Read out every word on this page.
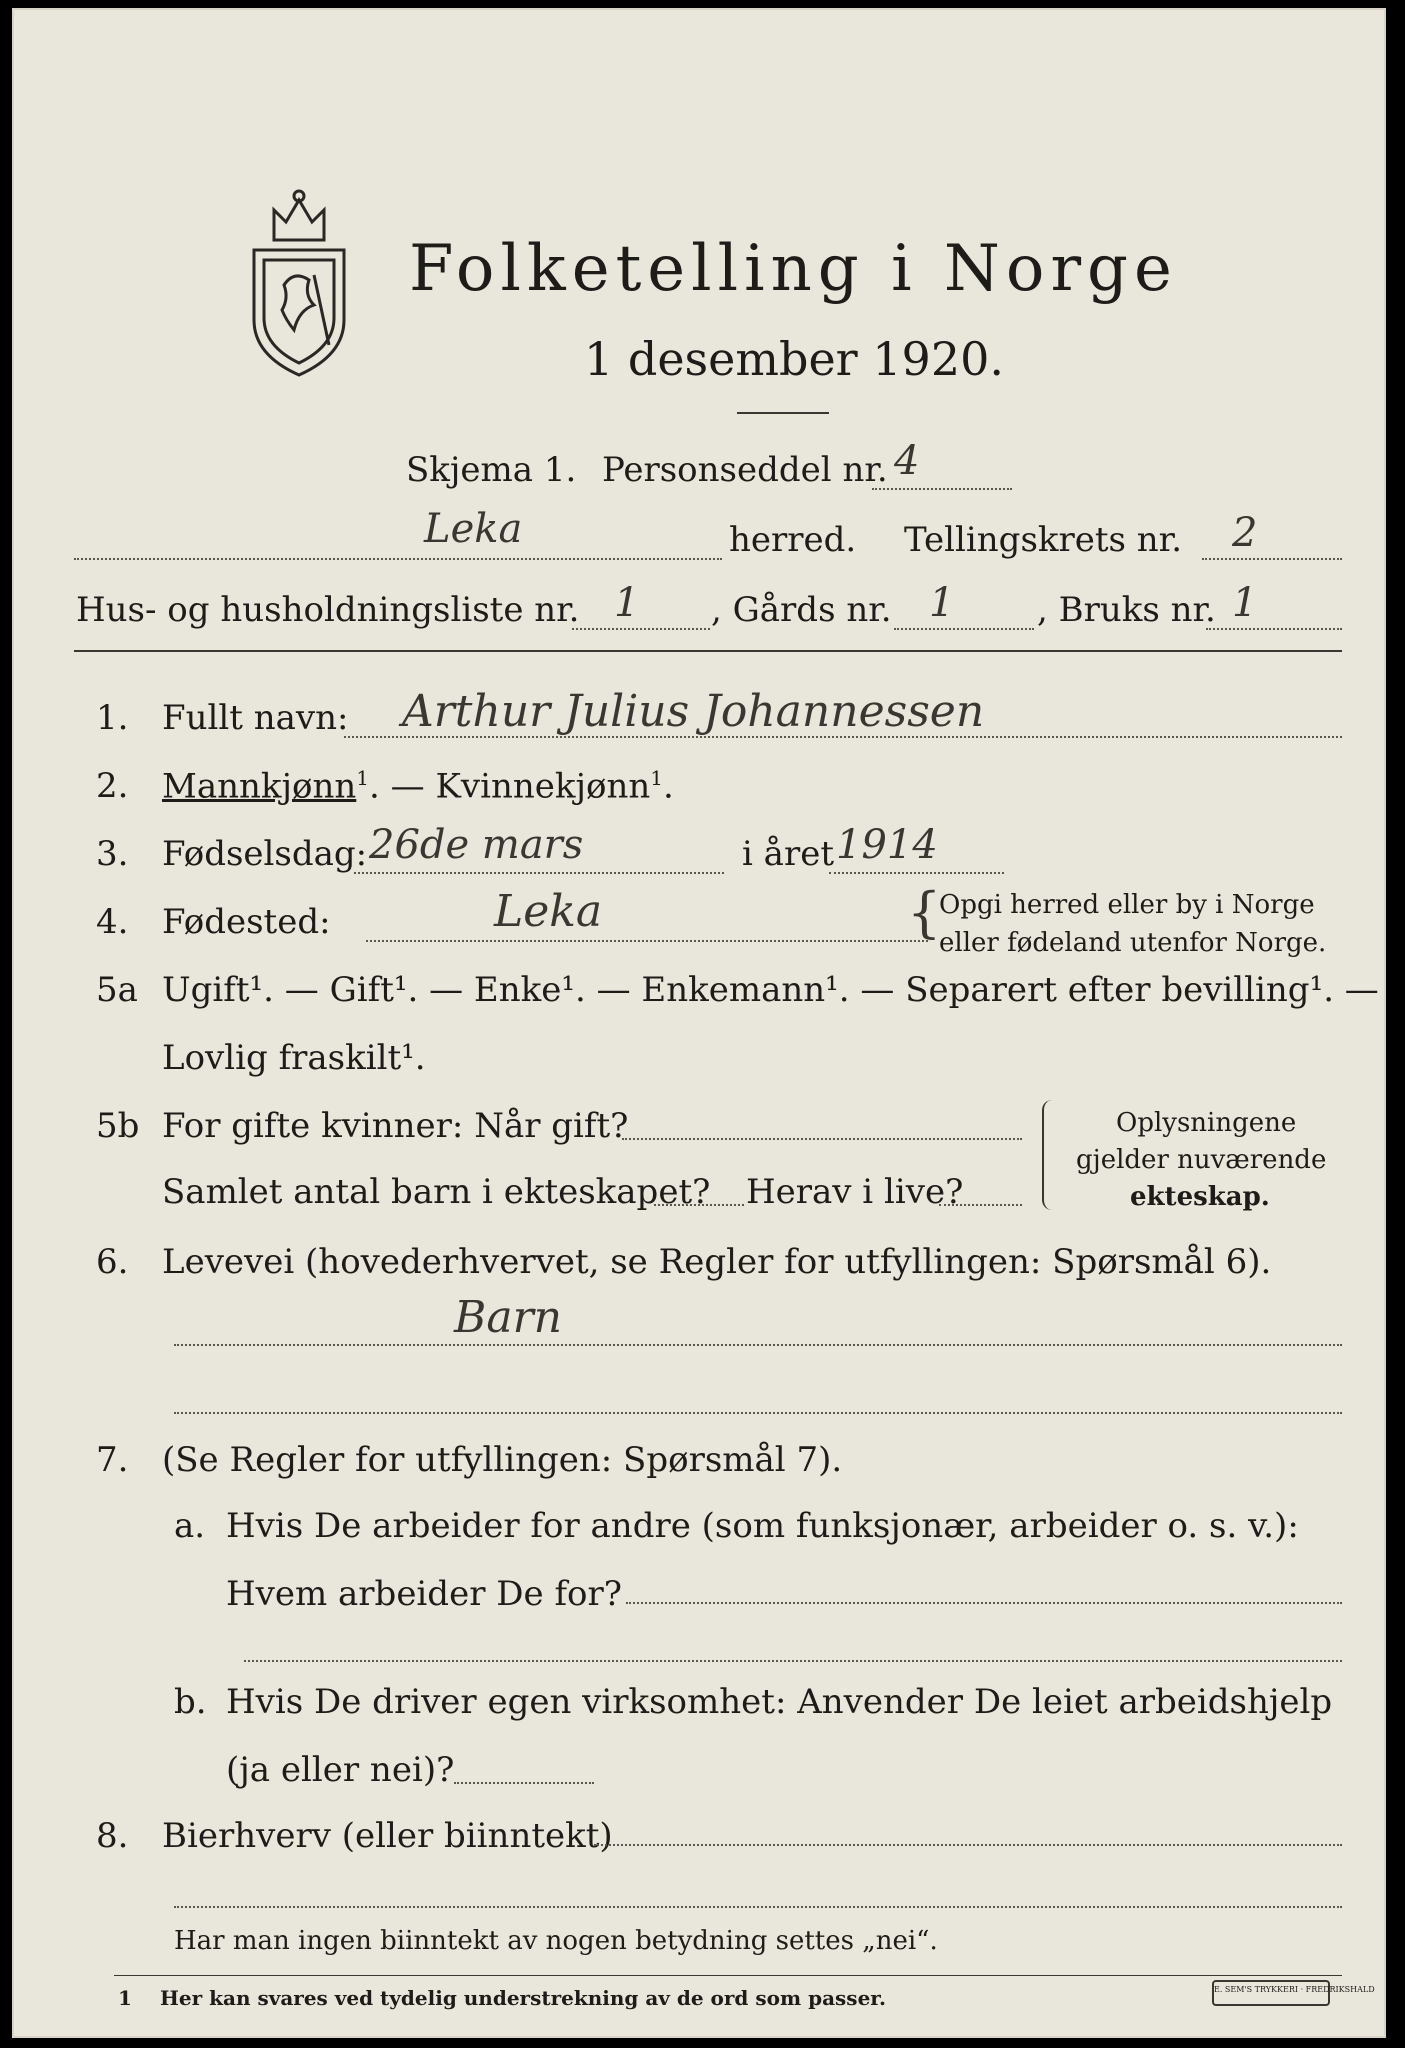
Folketelling i Norge
1 desember 1920.
Skjema 1. Personseddel nr. 4
Leka	herred. Tellingskrets nr. 2
Hus- og husholdningsliste nr. 1 , Gårds nr. 1 , Bruks nr. 1
1. Fullt navn: Arthur Julius Johannessen
2. Mannkjønn$^1$. — Kvinnekjønn$^1$.
3. Fødselsdag: 26de mars	i året 1914
4. Fødested:	Leka	{
Opgi herred eller by i Norge
eller fødeland utenfor Norge.
5a Ugift¹. — Gift¹. — Enke¹. — Enkemann¹. — Separert efter bevilling¹. —
Lovlig fraskilt¹.
5b For gifte kvinner: Når gift?
Samlet antal barn i ekteskapet? Herav i live?
Oplysningene
gjelder nuværende
ekteskap.
6. Levevei (hovederhvervet, se Regler for utfyllingen: Spørsmål 6).
Barn
7. (Se Regler for utfyllingen: Spørsmål 7).
a. Hvis De arbeider for andre (som funksjonær, arbeider o. s. v.):
Hvem arbeider De for?
b. Hvis De driver egen virksomhet: Anvender De leiet arbeidshjelp
(ja eller nei)?
8. Bierhverv (eller biinntekt)
Har man ingen biinntekt av nogen betydning settes „nei“.
1 Her kan svares ved tydelig understrekning av de ord som passer.	E. SEM'S TRYKKERI · FREDRIKSHALD
